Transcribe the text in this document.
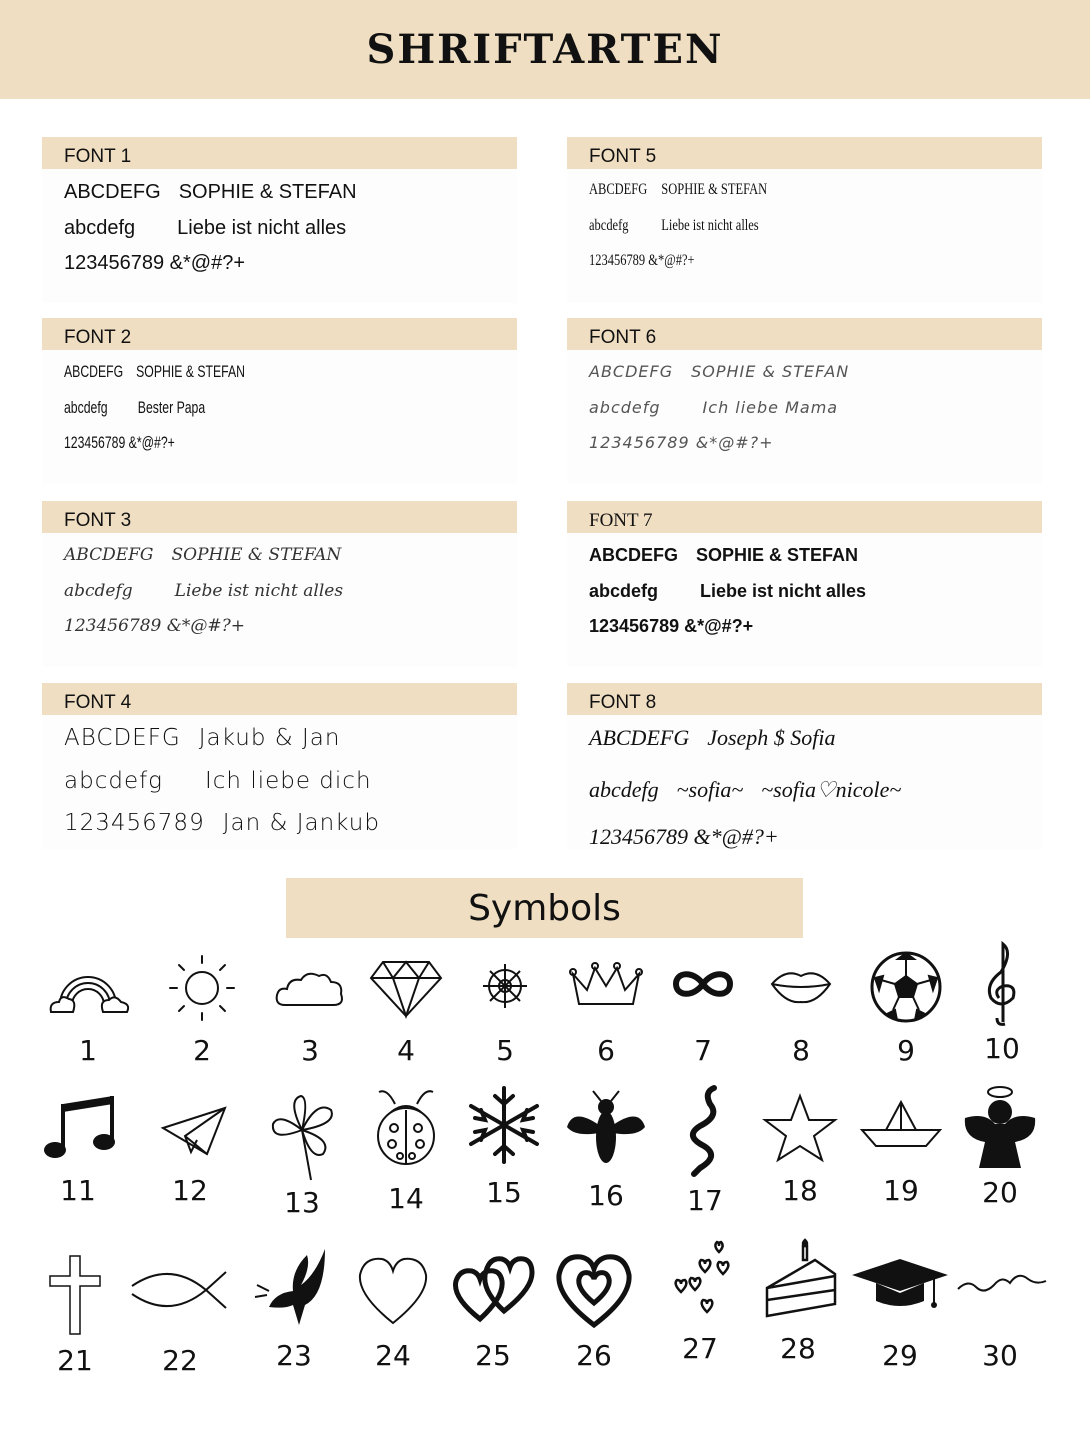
SHRIFTARTEN
FONT 1
ABCDEFG SOPHIE & STEFAN
abcdefg Liebe ist nicht alles
123456789 &*@#?+
FONT 2
ABCDEFG SOPHIE & STEFAN
abcdefg Bester Papa
123456789 &*@#?+
FONT 3
ABCDEFG SOPHIE & STEFAN
abcdefg Liebe ist nicht alles
123456789 &*@#?+
FONT 4
ABCDEFG Jakub & Jan
abcdefg Ich liebe dich
123456789 Jan & Jankub
FONT 5
ABCDEFG SOPHIE & STEFAN
abcdefg Liebe ist nicht alles
123456789 &*@#?+
FONT 6
ABCDEFG SOPHIE & STEFAN
abcdefg	Ich liebe Mama
123456789 &*@#?+
FONT 7
ABCDEFG SOPHIE & STEFAN
abcdefg Liebe ist nicht alles
123456789 &*@#?+
FONT 8
ABCDEFG Joseph $ Sofia
abcdefg ~sofia~ ~sofia♡nicole~
123456789 &*@#?+
Symbols
1	2	3	4	5	6	7	8	9	10
11	12	13	14	15	16	17	18	19	20
21	22	23	24	25	26	27	28	29	30
